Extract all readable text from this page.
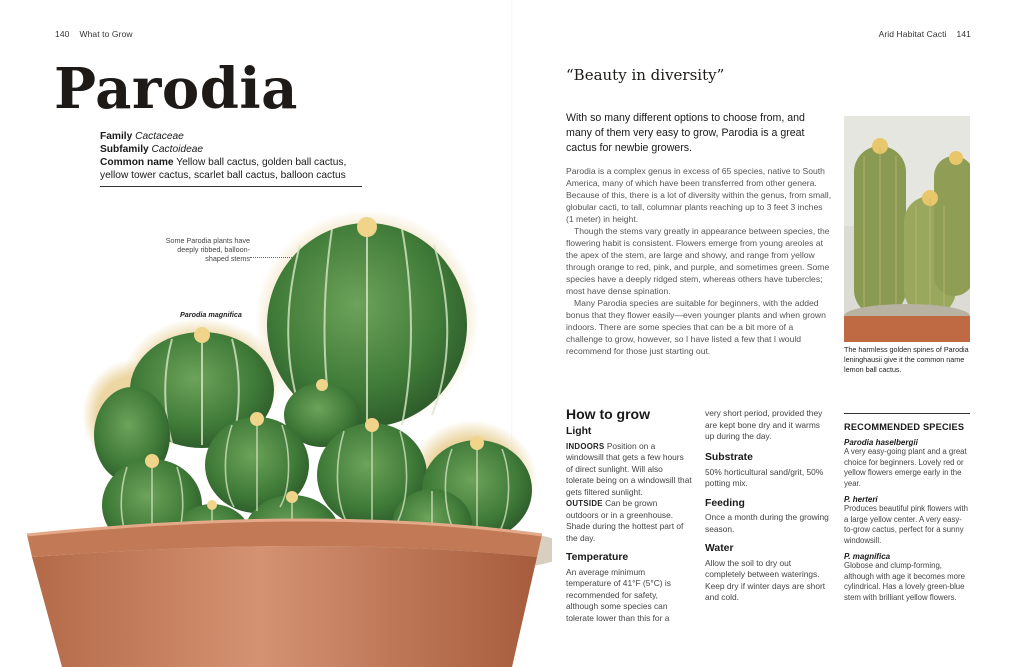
140 What to Grow	Arid Habitat Cacti 141
Parodia
Family Cactaceae
Subfamily Cactoideae
Common name Yellow ball cactus, golden ball cactus, yellow tower cactus, scarlet ball cactus, balloon cactus
Some Parodia plants have deeply ribbed, balloon-shaped stems
Parodia magnifica
“Beauty in diversity”
With so many different options to choose from, and many of them very easy to grow, Parodia is a great cactus for newbie growers.

Parodia is a complex genus in excess of 65 species, native to South America, many of which have been transferred from other genera. Because of this, there is a lot of diversity within the genus, from small, globular cacti, to tall, columnar plants reaching up to 3 feet 3 inches (1 meter) in height.

Though the stems vary greatly in appearance between species, the flowering habit is consistent. Flowers emerge from young areoles at the apex of the stem, are large and showy, and range from yellow through orange to red, pink, and purple, and sometimes green. Some species have a deeply ridged stem, whereas others have tubercles; most have dense spination.

Many Parodia species are suitable for beginners, with the added bonus that they flower easily—even younger plants and when grown indoors. There are some species that can be a bit more of a challenge to grow, however, so I have listed a few that I would recommend for those just starting out.	The harmless golden spines of Parodia leninghausii give it the common name lemon ball cactus.
How to grow
Light
INDOORS Position on a windowsill that gets a few hours of direct sunlight. Will also tolerate being on a windowsill that gets filtered sunlight.
OUTSIDE Can be grown outdoors or in a greenhouse. Shade during the hottest part of the day.
Temperature
An average minimum temperature of 41°F (5°C) is recommended for safety, although some species can tolerate lower than this for a
very short period, provided they are kept bone dry and it warms up during the day.
Substrate
50% horticultural sand/grit, 50% potting mix.
Feeding
Once a month during the growing season.
Water
Allow the soil to dry out completely between waterings. Keep dry if winter days are short and cold.
RECOMMENDED SPECIES
Parodia haselbergii
A very easy-going plant and a great choice for beginners. Lovely red or yellow flowers emerge early in the year.
P. herteri
Produces beautiful pink flowers with a large yellow center. A very easy-to-grow cactus, perfect for a sunny windowsill.
P. magnifica
Globose and clump-forming, although with age it becomes more cylindrical. Has a lovely green-blue stem with brilliant yellow flowers.
